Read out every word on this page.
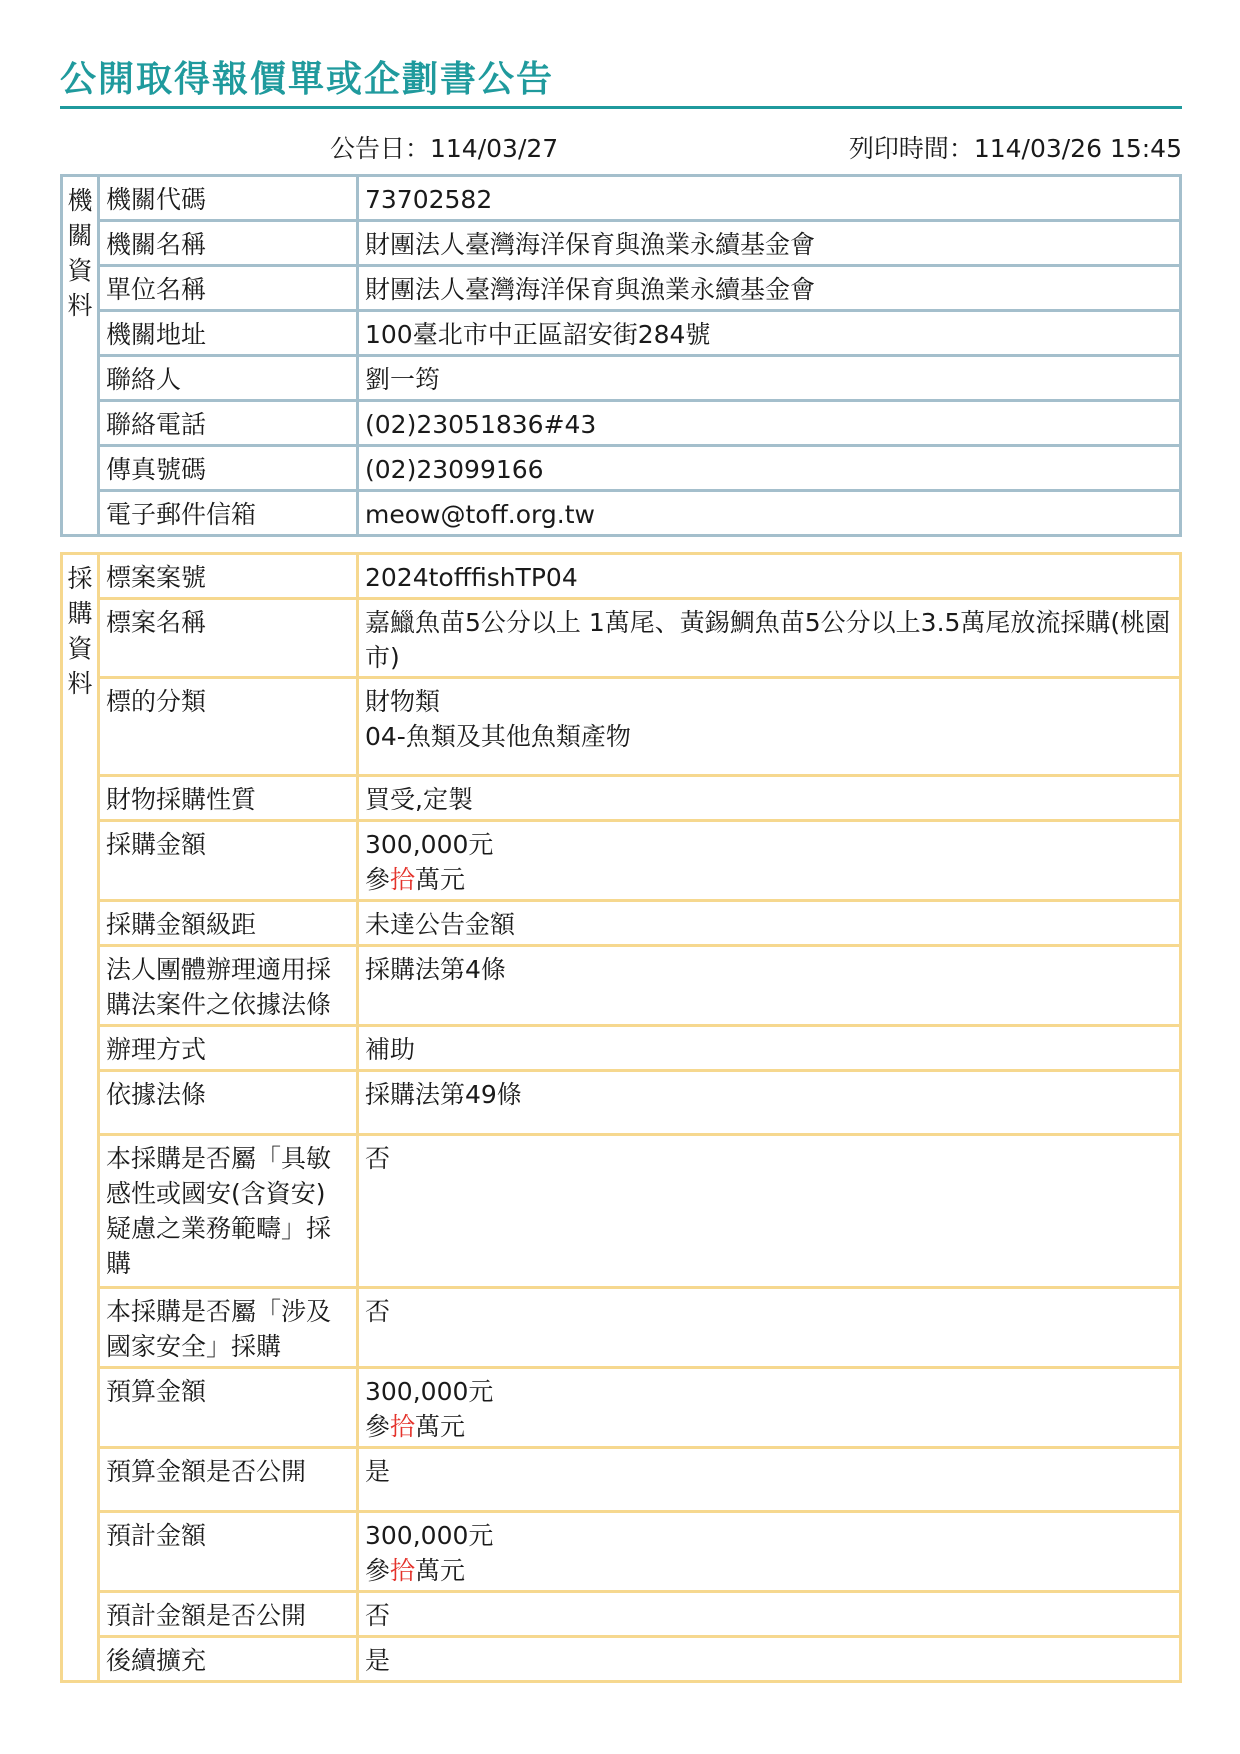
公開取得報價單或企劃書公告
公告日：114/03/27	列印時間：114/03/26 15:45
機關資料	機關代碼	73702582
	機關名稱	財團法人臺灣海洋保育與漁業永續基金會
	單位名稱	財團法人臺灣海洋保育與漁業永續基金會
	機關地址	100臺北市中正區詔安街284號
	聯絡人	劉一筠
	聯絡電話	(02)23051836#43
	傳真號碼	(02)23099166
	電子郵件信箱	meow@toff.org.tw
採購資料	標案案號	2024tofffishTP04
	標案名稱	嘉鱲魚苗5公分以上 1萬尾、黃錫鯛魚苗5公分以上3.5萬尾放流採購(桃園市)
	標的分類	財物類
04-魚類及其他魚類產物

	財物採購性質	買受,定製
	採購金額	300,000元
參拾萬元

	採購金額級距	未達公告金額
	法人團體辦理適用採購法案件之依據法條	採購法第4條
	辦理方式	補助
	依據法條	採購法第49條
	本採購是否屬「具敏感性或國安(含資安)疑慮之業務範疇」採購	否
	本採購是否屬「涉及國家安全」採購	否
	預算金額	300,000元
參拾萬元

	預算金額是否公開	是
	預計金額	300,000元
參拾萬元

	預計金額是否公開	否
	後續擴充	是
